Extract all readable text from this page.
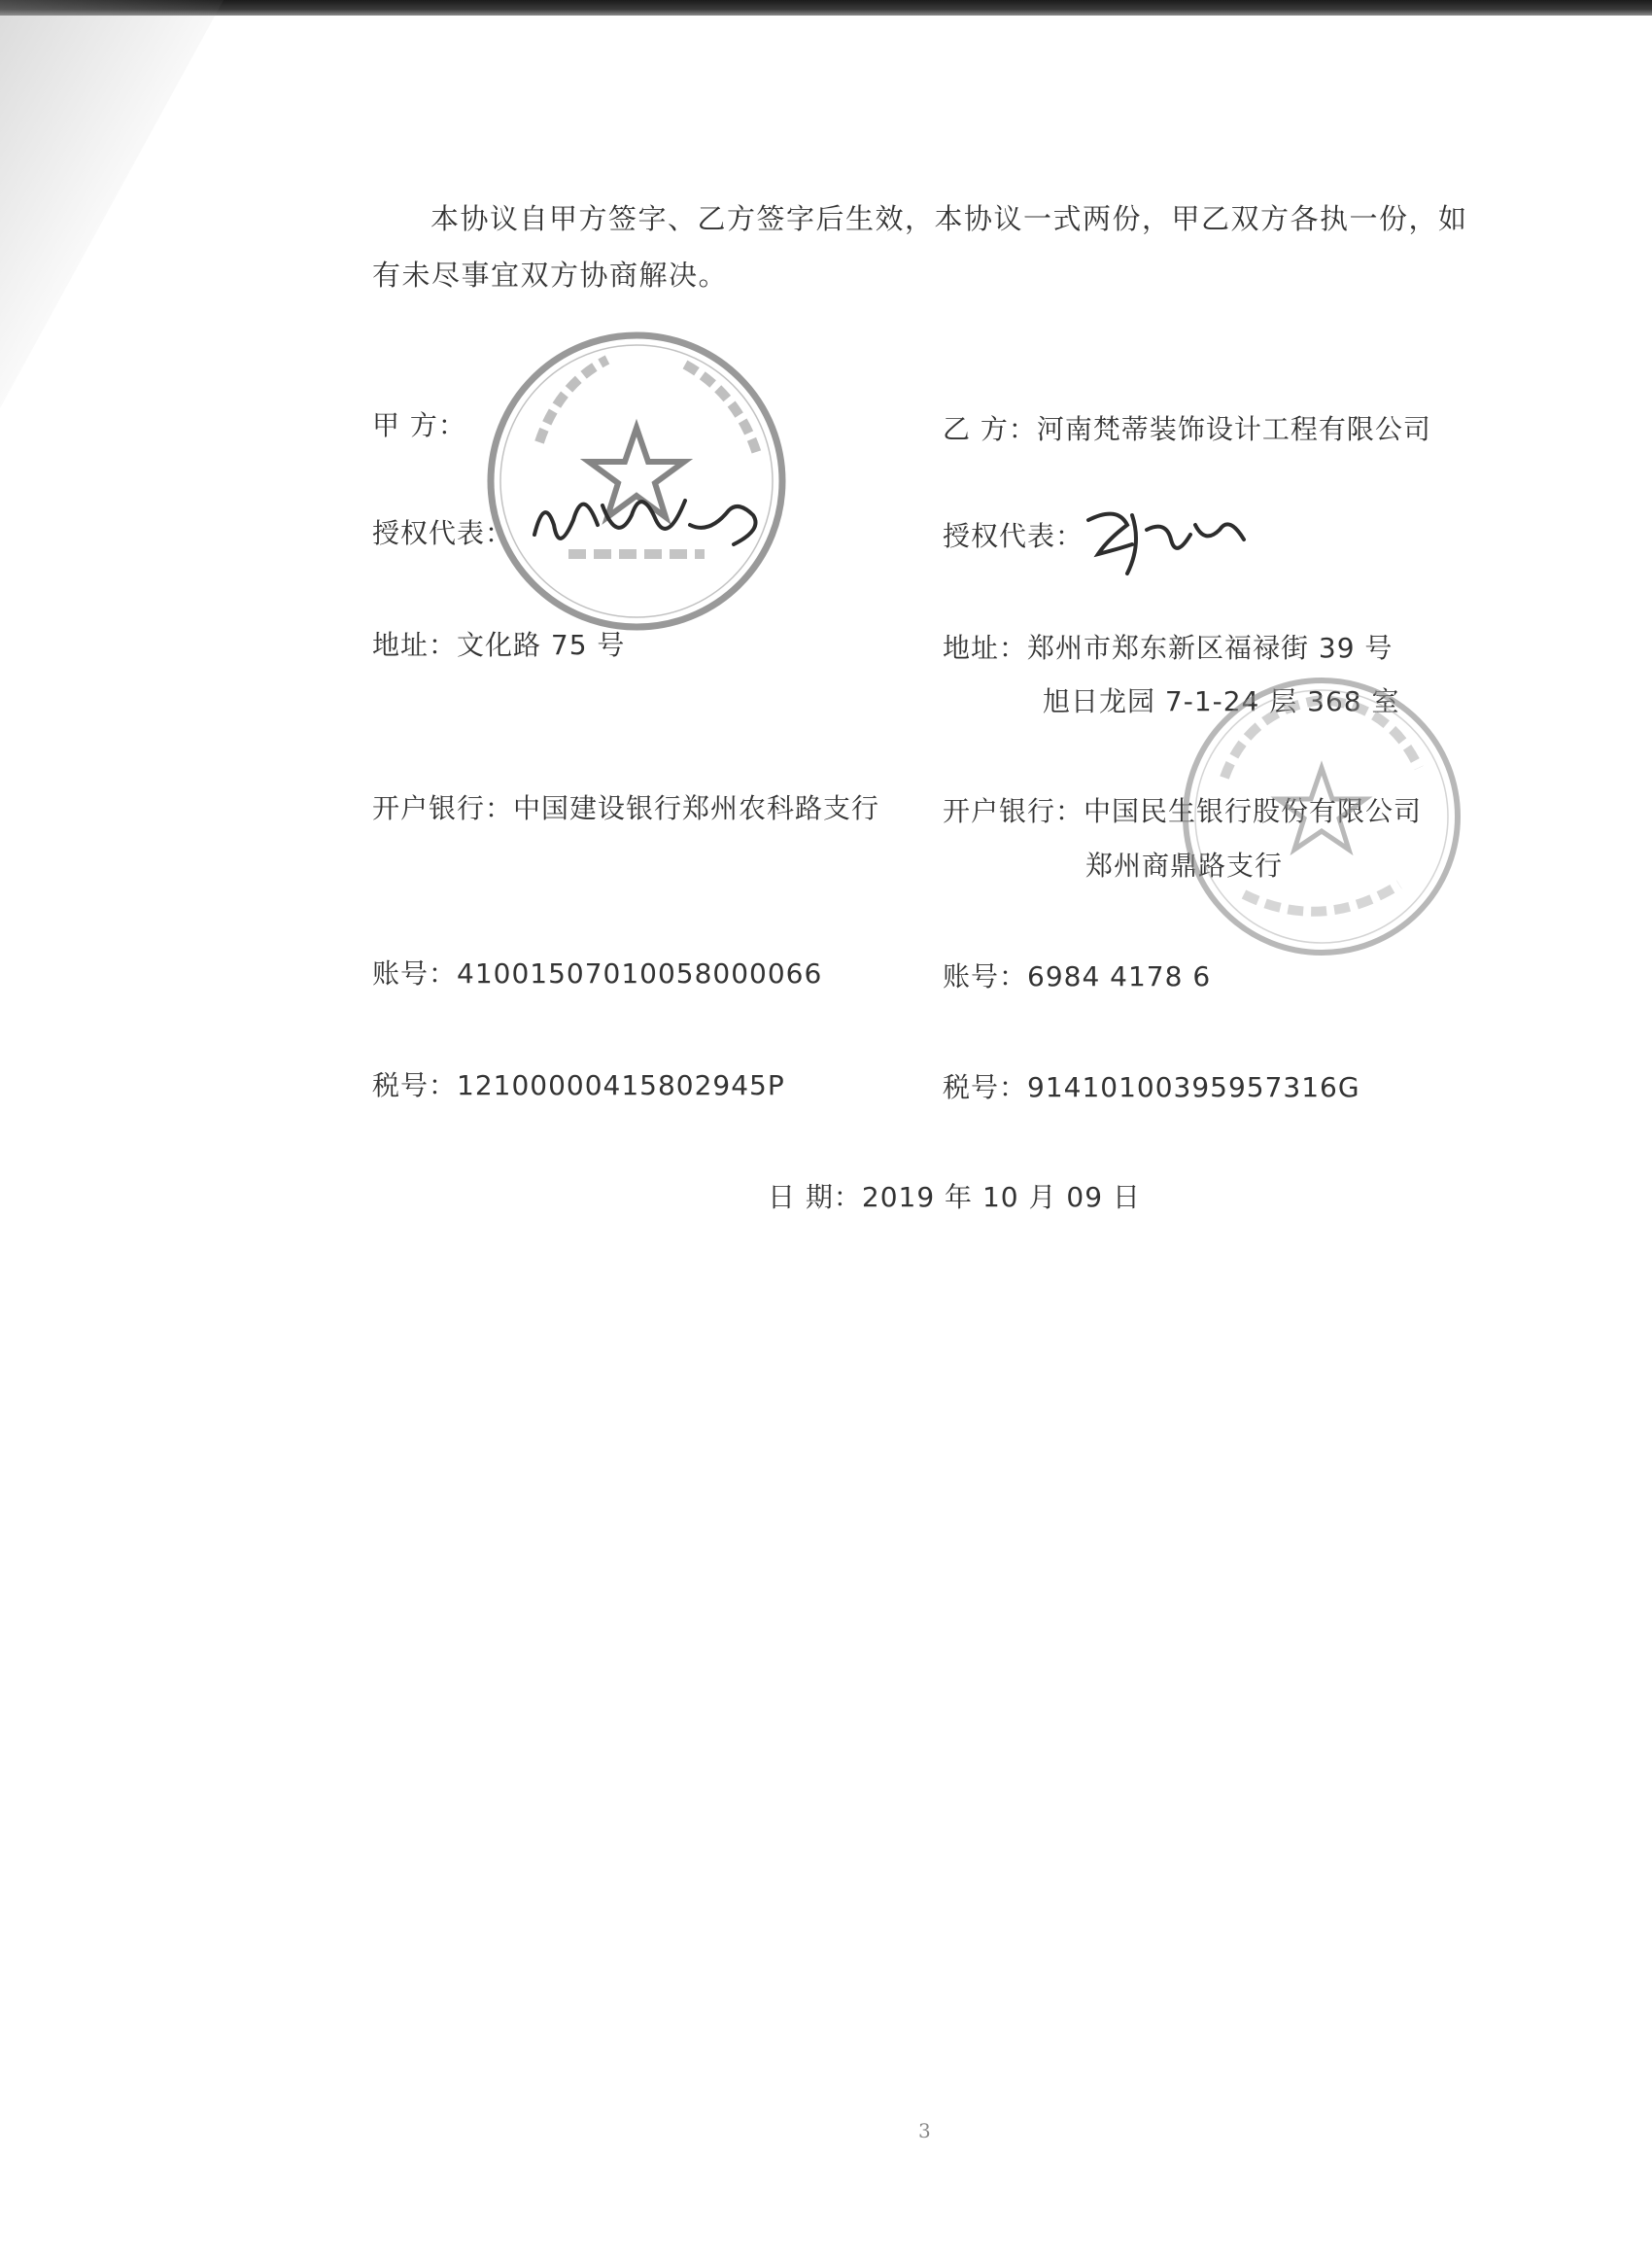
本协议自甲方签字、乙方签字后生效，本协议一式两份，甲乙双方各执一份，如有未尽事宜双方协商解决。
甲 方：
授权代表：
地址：文化路 75 号
开户银行：中国建设银行郑州农科路支行
账号：41001507010058000066
税号：12100000415802945P
乙 方：河南梵蒂装饰设计工程有限公司
授权代表：
地址：郑州市郑东新区福禄街 39 号
旭日龙园 7-1-24 层 368 室
开户银行：中国民生银行股份有限公司
郑州商鼎路支行
账号：6984 4178 6
税号：91410100395957316G
日 期：2019 年 10 月 09 日
3
